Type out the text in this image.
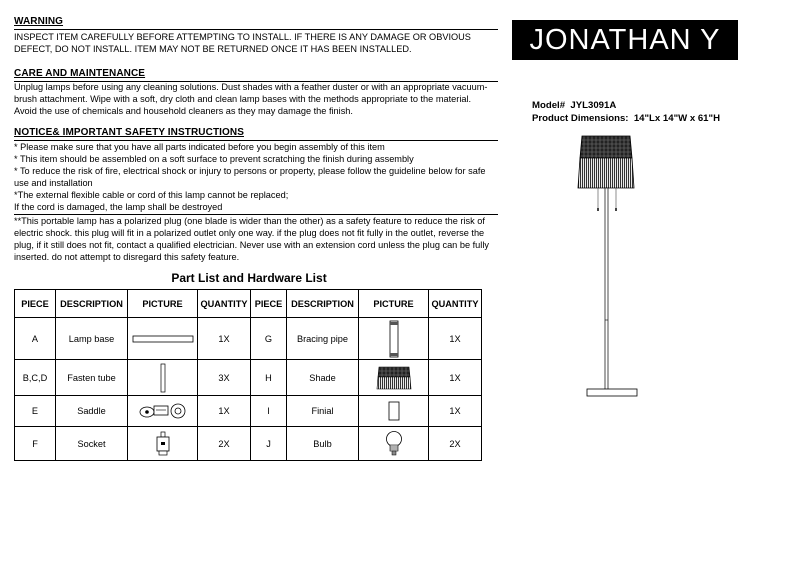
WARNING
INSPECT ITEM CAREFULLY BEFORE ATTEMPTING TO INSTALL. IF THERE IS ANY DAMAGE OR OBVIOUS DEFECT, DO NOT INSTALL. ITEM MAY NOT BE RETURNED ONCE IT HAS BEEN INSTALLED.
CARE AND MAINTENANCE
Unplug lamps before using any cleaning solutions. Dust shades with a feather duster or with an appropriate vacuum-brush attachment. Wipe with a soft, dry cloth and clean lamp bases with the methods appropriate to the material. Avoid the use of chemicals and household cleaners as they may damage the finish.
NOTICE& IMPORTANT SAFETY INSTRUCTIONS
* Please make sure that you have all parts indicated before you begin assembly of this item
* This item should be assembled on a soft surface to prevent scratching the finish during assembly
* To reduce the risk of fire, electrical shock or injury to persons or property, please follow the guideline below for safe use and installation
*The external flexible cable or cord of this lamp cannot be replaced;
If the cord is damaged, the lamp shall be destroyed
**This portable lamp has a polarized plug (one blade is wider than the other) as a safety feature to reduce the risk of electric shock. this plug will fit in a polarized outlet only one way. if the plug does not fit fully in the outlet, reverse the plug, if it still does not fit, contact a qualified electrician. Never use with an extension cord unless the plug can be fully inserted. do not attempt to disregard this safety feature.
JONATHAN Y
Model# JYL3091A
Product Dimensions: 14"Lx 14"W x 61"H
Part List and Hardware List
PIECE	DESCRIPTION	PICTURE	QUANTITY	PIECE	DESCRIPTION	PICTURE	QUANTITY
A	Lamp base		1X	G	Bracing pipe		1X
B,C,D	Fasten tube		3X	H	Shade		1X
E	Saddle		1X	I	Finial		1X
F	Socket		2X	J	Bulb		2X
